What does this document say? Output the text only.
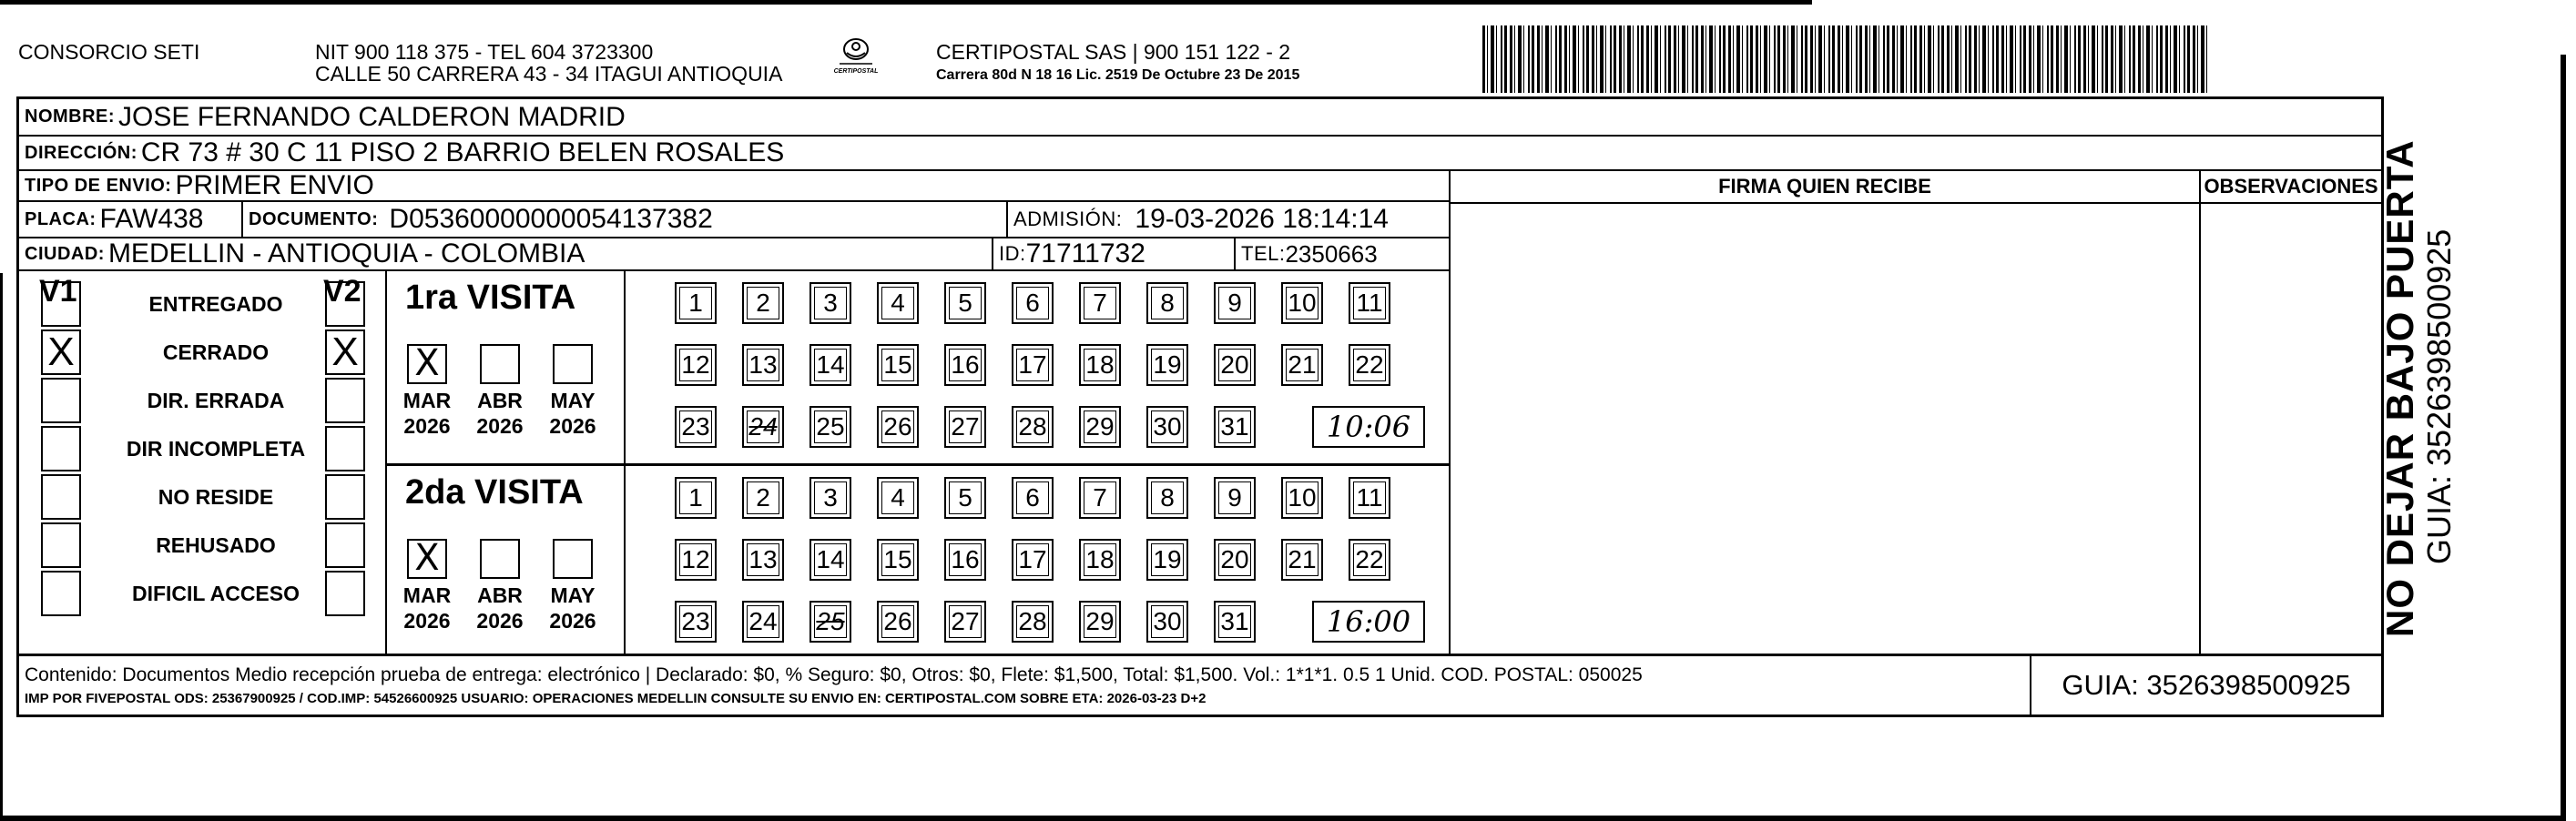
CONSORCIO SETI	NIT 900 118 375 - TEL 604 3723300
CALLE 50 CARRERA 43 - 34 ITAGUI ANTIOQUIA	CERTIPOSTAL
CERTIPOSTAL SAS | 900 151 122 - 2
Carrera 80d N 18 16 Lic. 2519 De Octubre 23 De 2015
NOMBRE: JOSE FERNANDO CALDERON MADRID
DIRECCIÓN: CR 73 # 30 C 11 PISO 2 BARRIO BELEN ROSALES
TIPO DE ENVIO: PRIMER ENVIO
PLACA: FAW438 DOCUMENTO: D05360000000054137382	ADMISIÓN: 19-03-2026 18:14:14
CIUDAD: MEDELLIN - ANTIOQUIA - COLOMBIA	ID: 71711732	TEL: 2350663
FIRMA QUIEN RECIBE	OBSERVACIONES
V1	V2
ENTREGADO
X	CERRADO	X
DIR. ERRADA
DIR INCOMPLETA
NO RESIDE
REHUSADO
DIFICIL ACCESO
1ra VISITA
X
MAR
2026
ABR
2026
MAY
2026
1	2	3	4	5	6	7	8	9	10	11
12 13 14 15 16 17 18 19 20 21 22
23 24 25 26 27 28 29 30 31	10:06
2da VISITA
X
MAR
2026
ABR
2026
MAY
2026
1	2	3	4	5	6	7	8	9	10	11
12 13 14 15 16 17 18 19 20 21 22
23 24 25 26 27 28 29 30 31	16:00
Contenido: Documentos Medio recepción prueba de entrega: electrónico | Declarado: $0, % Seguro: $0, Otros: $0, Flete: $1,500, Total: $1,500. Vol.: 1*1*1. 0.5 1 Unid. COD. POSTAL: 050025
IMP POR FIVEPOSTAL ODS: 25367900925 / COD.IMP: 54526600925 USUARIO: OPERACIONES MEDELLIN CONSULTE SU ENVIO EN: CERTIPOSTAL.COM SOBRE ETA: 2026-03-23 D+2	GUIA: 3526398500925
NO DEJAR BAJO PUERTA GUIA: 3526398500925
